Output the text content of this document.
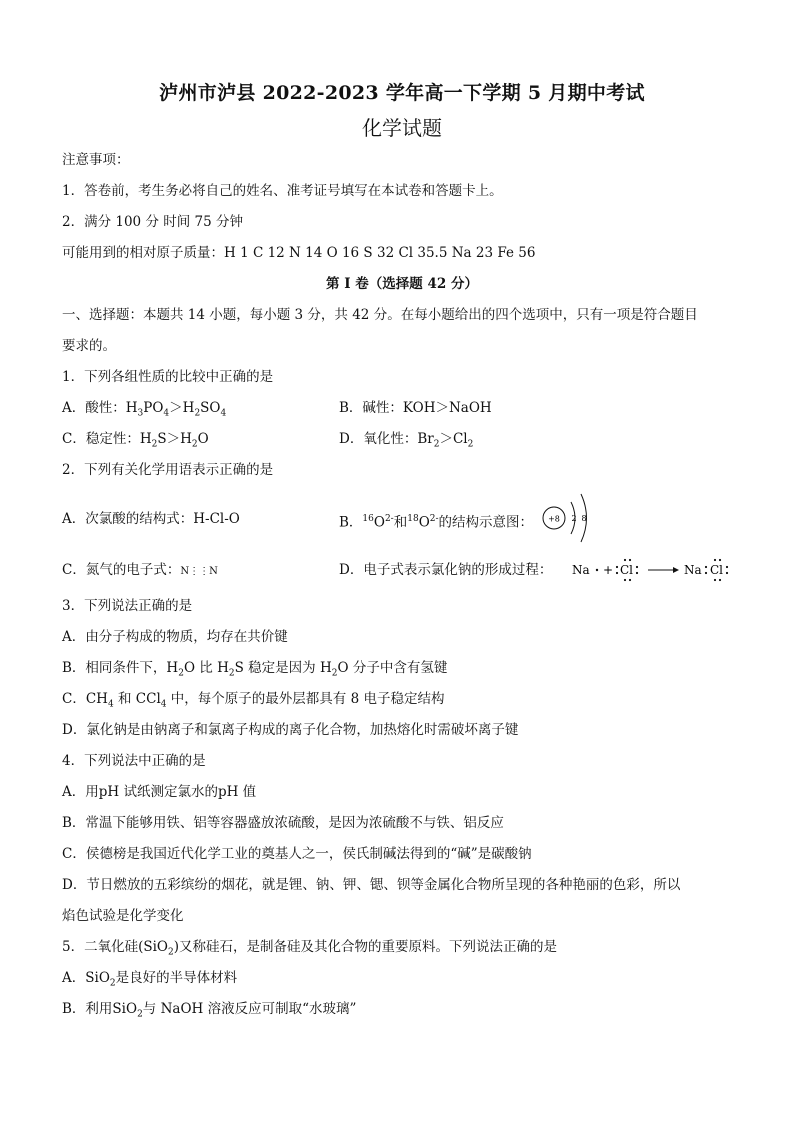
泸州市泸县 2022-2023 学年高一下学期 5 月期中考试
化学试题
注意事项：
1．答卷前，考生务必将自己的姓名、准考证号填写在本试卷和答题卡上。
2．满分 100 分 时间 75 分钟
可能用到的相对原子质量：H 1 C 12 N 14 O 16 S 32 Cl 35.5 Na 23 Fe 56
第 I 卷（选择题 42 分）
一、选择题：本题共 14 小题，每小题 3 分，共 42 分。在每小题给出的四个选项中，只有一项是符合题目
要求的。
1．下列各组性质的比较中正确的是
A．酸性：$H_3PO_4>H_2SO_4$	B．碱性：KOH＞NaOH
C．稳定性：$H_2S>H_2O$	D．氧化性：$Br_2>Cl_2$
2．下列有关化学用语表示正确的是
A．次氯酸的结构式：H-Cl-O	B．$^{16}O^{2-}$和$^{18}O^{2-}$的结构示意图： +8 2 8
C．氮气的电子式：N⋮⋮N	D．电子式表示氯化钠的形成过程： Na + Cl	Na Cl
3．下列说法正确的是
A．由分子构成的物质，均存在共价键
B．相同条件下，$H_2O$ 比 $H_2S$ 稳定是因为 $H_2O$ 分子中含有氢键
C．$CH_4$ 和 CCl$_4$ 中，每个原子的最外层都具有 8 电子稳定结构
D．氯化钠是由钠离子和氯离子构成的离子化合物，加热熔化时需破坏离子键
4．下列说法中正确的是
A．用pH 试纸测定氯水的pH 值
B．常温下能够用铁、铝等容器盛放浓硫酸，是因为浓硫酸不与铁、铝反应
C．侯德榜是我国近代化学工业的奠基人之一，侯氏制碱法得到的“碱”是碳酸钠
D．节日燃放的五彩缤纷的烟花，就是锂、钠、钾、锶、钡等金属化合物所呈现的各种艳丽的色彩，所以
焰色试验是化学变化
5．二氧化硅(SiO$_2$)又称硅石，是制备硅及其化合物的重要原料。下列说法正确的是
A．SiO$_2$是良好的半导体材料
B．利用SiO$_2$与 NaOH 溶液反应可制取“水玻璃”
